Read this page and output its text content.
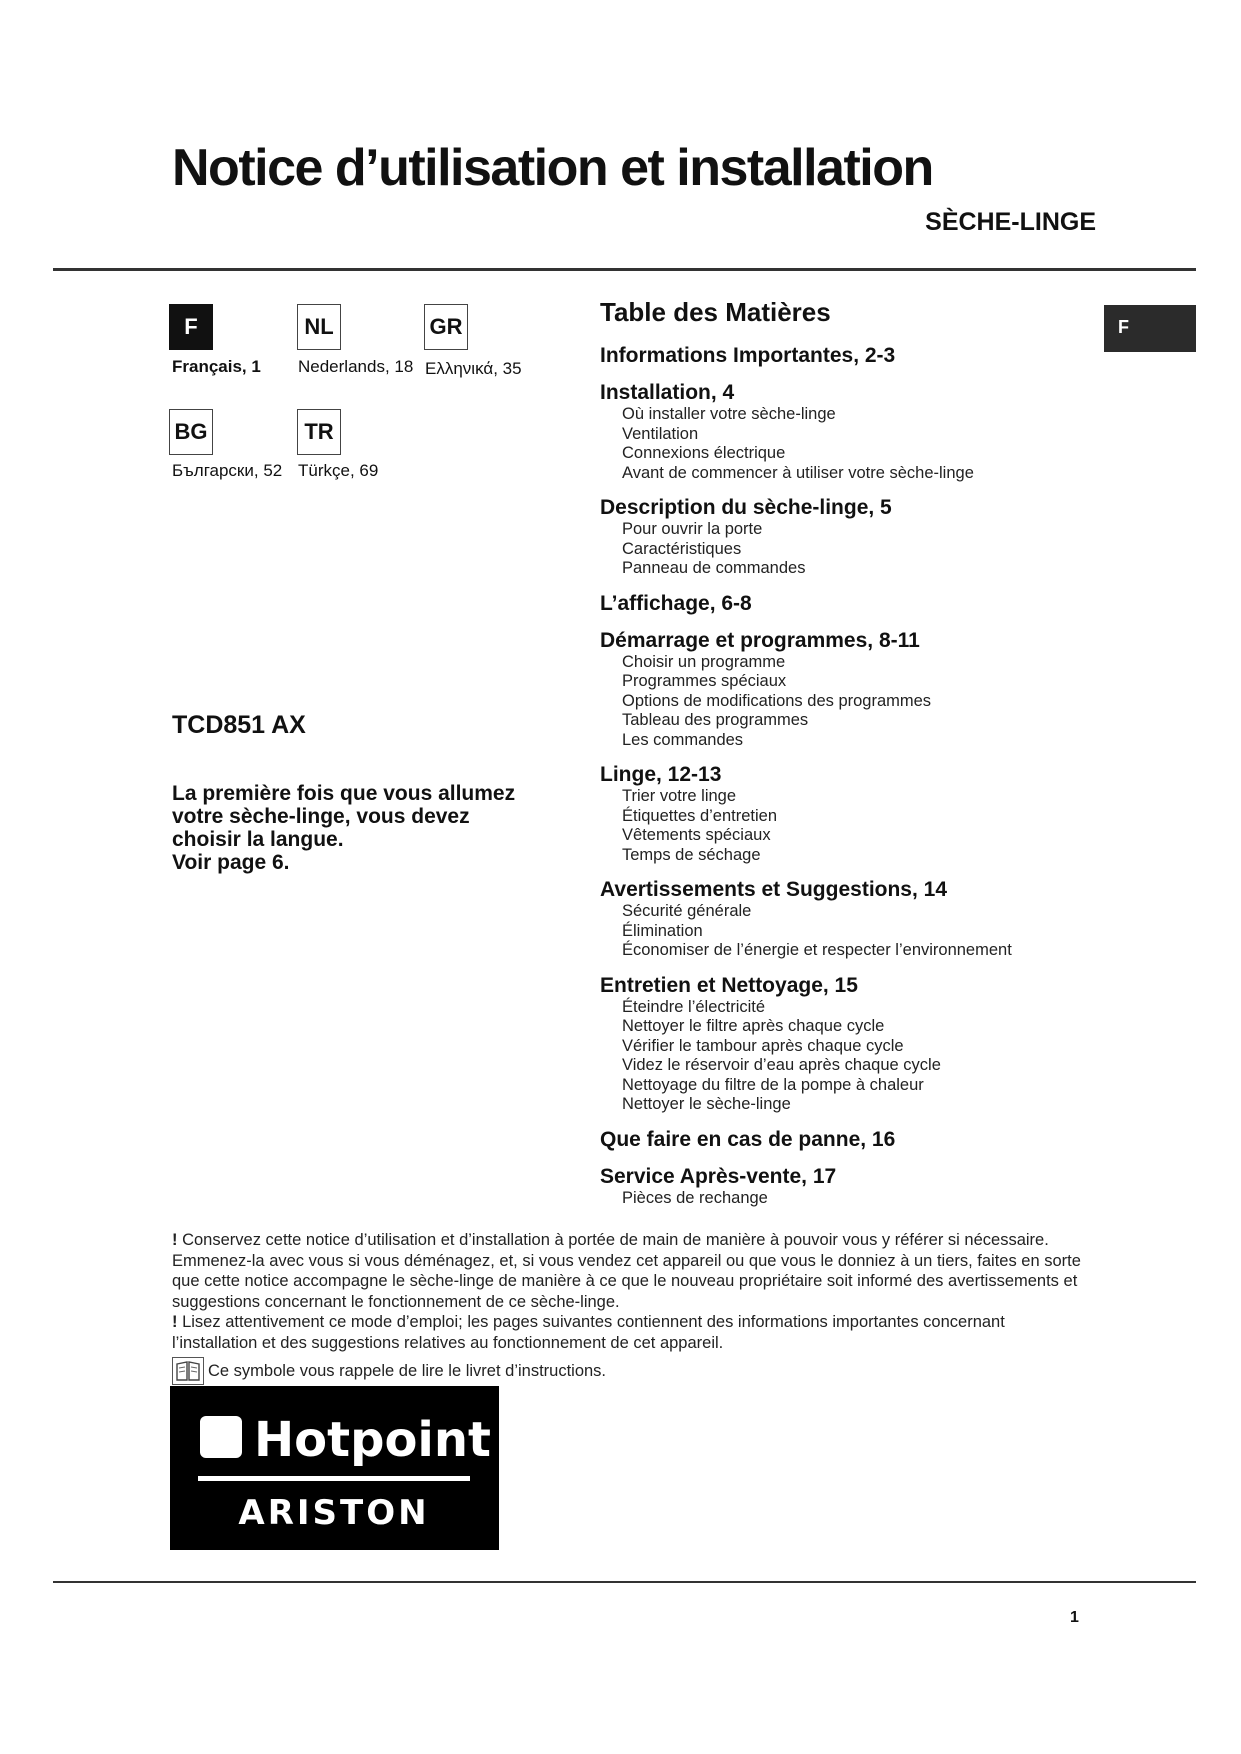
Notice d’utilisation et installation
SÈCHE-LINGE
F	NL	GR
Français, 1 Nederlands, 18 Ελληνικά, 35
BG	TR
Български, 52 Türkçe, 69
TCD851 AX
La première fois que vous allumez
votre sèche-linge, vous devez
choisir la langue.
Voir page 6.
Table des Matières
Informations Importantes, 2-3
Installation, 4
Où installer votre sèche-linge
Ventilation
Connexions électrique
Avant de commencer à utiliser votre sèche-linge
Description du sèche-linge, 5
Pour ouvrir la porte
Caractéristiques
Panneau de commandes
L’affichage, 6-8
Démarrage et programmes, 8-11
Choisir un programme
Programmes spéciaux
Options de modifications des programmes
Tableau des programmes
Les commandes
Linge, 12-13
Trier votre linge
Étiquettes d’entretien
Vêtements spéciaux
Temps de séchage
Avertissements et Suggestions, 14
Sécurité générale
Élimination
Économiser de l’énergie et respecter l’environnement
Entretien et Nettoyage, 15
Éteindre l’électricité
Nettoyer le filtre après chaque cycle
Vérifier le tambour après chaque cycle
Videz le réservoir d’eau après chaque cycle
Nettoyage du filtre de la pompe à chaleur
Nettoyer le sèche-linge
Que faire en cas de panne, 16
Service Après-vente, 17
Pièces de rechange
F

! Conservez cette notice d’utilisation et d’installation à portée de main de manière à pouvoir vous y référer si nécessaire. Emmenez-la avec vous si vous déménagez, et, si vous vendez cet appareil ou que vous le donniez à un tiers, faites en sorte que cette notice accompagne le sèche-linge de manière à ce que le nouveau propriétaire soit informé des avertissements et suggestions concernant le fonctionnement de ce sèche-linge.

! Lisez attentivement ce mode d’emploi; les pages suivantes contiennent des informations importantes concernant l’installation et des suggestions relatives au fonctionnement de cet appareil.

Ce symbole vous rappele de lire le livret d’instructions.
Hotpoint
ARISTON
1
